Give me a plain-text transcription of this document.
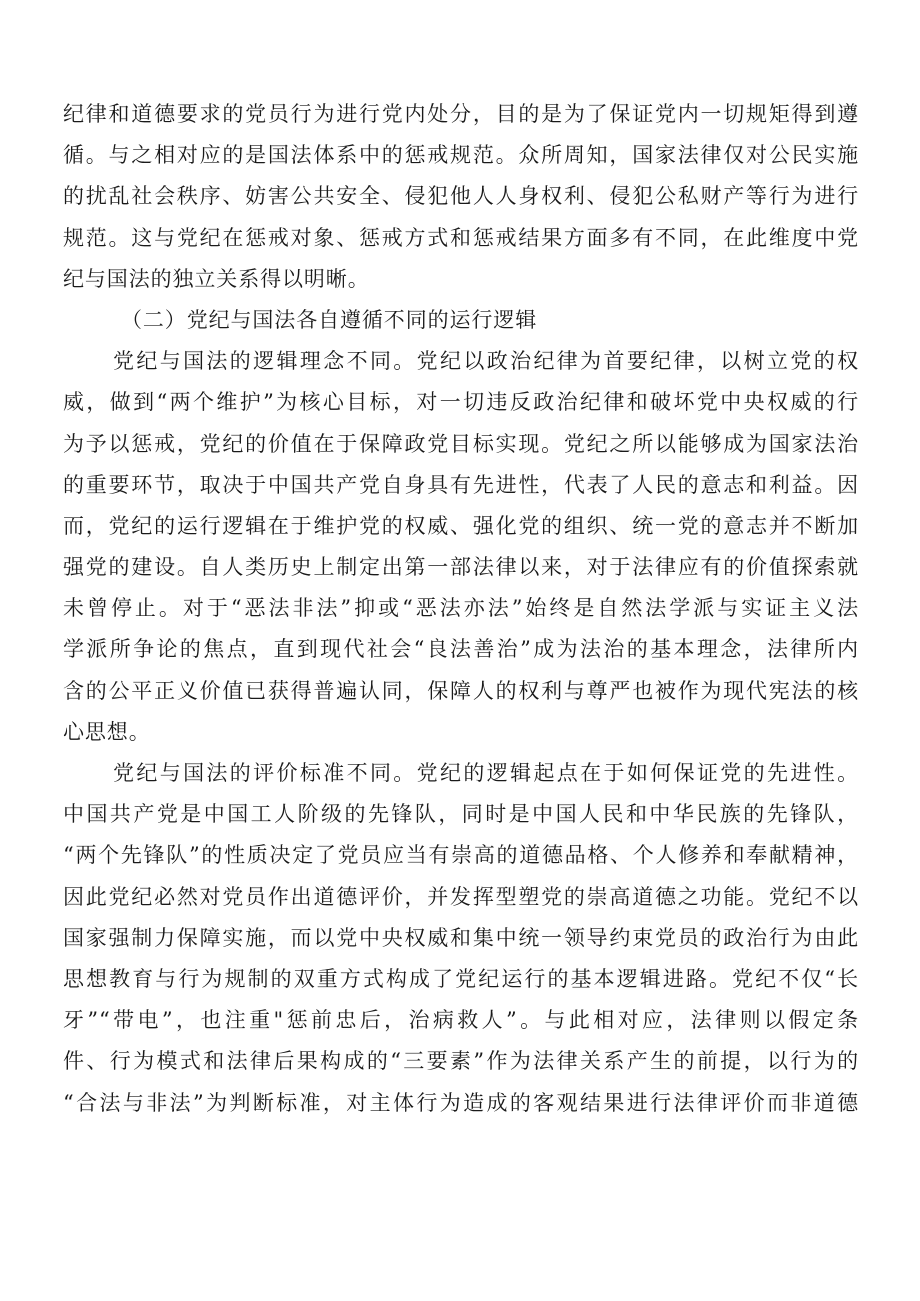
纪律和道德要求的党员行为进行党内处分，目的是为了保证党内一切规矩得到遵
循。与之相对应的是国法体系中的惩戒规范。众所周知，国家法律仅对公民实施
的扰乱社会秩序、妨害公共安全、侵犯他人人身权利、侵犯公私财产等行为进行
规范。这与党纪在惩戒对象、惩戒方式和惩戒结果方面多有不同，在此维度中党
纪与国法的独立关系得以明晰。
（二）党纪与国法各自遵循不同的运行逻辑
党纪与国法的逻辑理念不同。党纪以政治纪律为首要纪律，以树立党的权
威，做到“两个维护”为核心目标，对一切违反政治纪律和破坏党中央权威的行
为予以惩戒，党纪的价值在于保障政党目标实现。党纪之所以能够成为国家法治
的重要环节，取决于中国共产党自身具有先进性，代表了人民的意志和利益。因
而，党纪的运行逻辑在于维护党的权威、强化党的组织、统一党的意志并不断加
强党的建设。自人类历史上制定出第一部法律以来，对于法律应有的价值探索就
未曾停止。对于“恶法非法”抑或“恶法亦法”始终是自然法学派与实证主义法
学派所争论的焦点，直到现代社会“良法善治”成为法治的基本理念，法律所内
含的公平正义价值已获得普遍认同，保障人的权利与尊严也被作为现代宪法的核
心思想。
党纪与国法的评价标准不同。党纪的逻辑起点在于如何保证党的先进性。
中国共产党是中国工人阶级的先锋队，同时是中国人民和中华民族的先锋队，
“两个先锋队”的性质决定了党员应当有崇高的道德品格、个人修养和奉献精神，
因此党纪必然对党员作出道德评价，并发挥型塑党的崇高道德之功能。党纪不以
国家强制力保障实施，而以党中央权威和集中统一领导约束党员的政治行为由此
思想教育与行为规制的双重方式构成了党纪运行的基本逻辑进路。党纪不仅“长
牙”“带电”，也注重"惩前忠后，治病救人”。与此相对应，法律则以假定条
件、行为模式和法律后果构成的“三要素”作为法律关系产生的前提，以行为的
“合法与非法”为判断标准，对主体行为造成的客观结果进行法律评价而非道德
